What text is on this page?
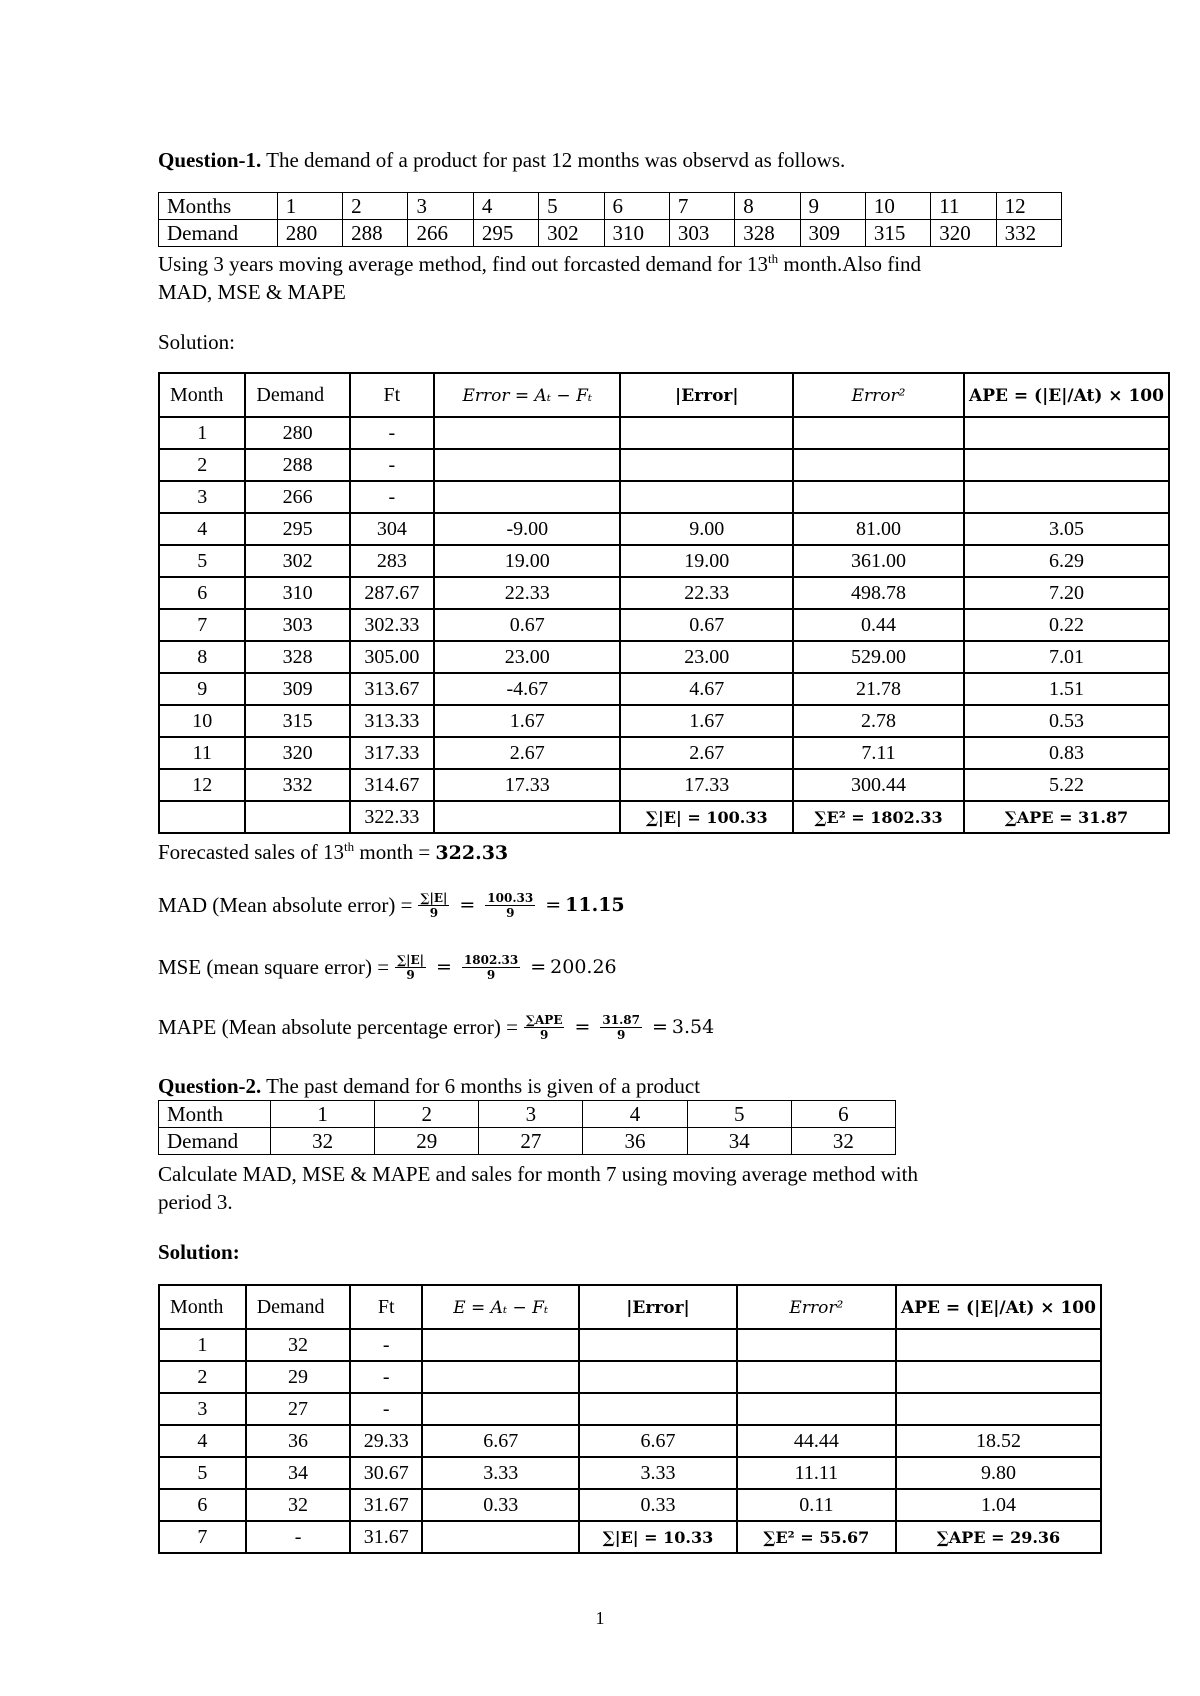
Question-1. The demand of a product for past 12 months was observd as follows.
Months	1	2	3	4	5	6	7	8	9	10	11	12
Demand	280	288	266	295	302	310	303	328	309	315	320	332
Using 3 years moving average method, find out forcasted demand for 13th month.Also find
MAD, MSE & MAPE
Solution:
Month	Demand	Ft	Error = Aₜ − Fₜ	|Error|	Error²	APE = (|E|/At) × 100
1	280	-				
2	288	-				
3	266	-				
4	295	304	-9.00	9.00	81.00	3.05
5	302	283	19.00	19.00	361.00	6.29
6	310	287.67	22.33	22.33	498.78	7.20
7	303	302.33	0.67	0.67	0.44	0.22
8	328	305.00	23.00	23.00	529.00	7.01
9	309	313.67	-4.67	4.67	21.78	1.51
10	315	313.33	1.67	1.67	2.78	0.53
11	320	317.33	2.67	2.67	7.11	0.83
12	332	314.67	17.33	17.33	300.44	5.22
		322.33		∑|E| = 100.33	∑E² = 1802.33	∑APE = 31.87
Forecasted sales of 13th month = 322.33
MAD (Mean absolute error) = $\frac{\sum|E|}{9} = \frac{100.33}{9} = 11.15$
MSE (mean square error) = $\frac{\sum|E|}{9} = \frac{1802.33}{9} = 200.26$
MAPE (Mean absolute percentage error) = $\frac{\text{∑APE}}{9} = \frac{31.87}{9} = 3.54$
Question-2. The past demand for 6 months is given of a product
Month	1	2	3	4	5	6
Demand	32	29	27	36	34	32
Calculate MAD, MSE & MAPE and sales for month 7 using moving average method with
period 3.
Solution:
Month	Demand	Ft	E = Aₜ − Fₜ	|Error|	Error²	APE = (|E|/At) × 100
1	32	-				
2	29	-				
3	27	-				
4	36	29.33	6.67	6.67	44.44	18.52
5	34	30.67	3.33	3.33	11.11	9.80
6	32	31.67	0.33	0.33	0.11	1.04
7	-	31.67		∑|E| = 10.33	∑E² = 55.67	∑APE = 29.36
1
